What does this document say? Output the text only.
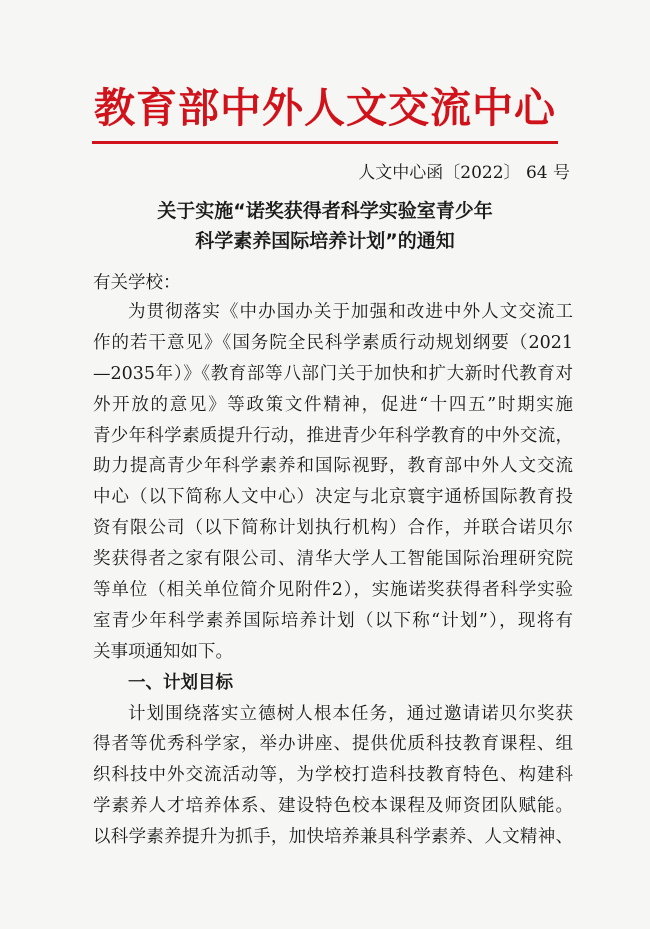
教育部中外人文交流中心
人文中心函〔2022〕 64 号
关于实施“诺奖获得者科学实验室青少年
科学素养国际培养计划”的通知
有关学校：
为贯彻落实《中办国办关于加强和改进中外人文交流工
作的若干意见》《国务院全民科学素质行动规划纲要（2021
—2035年）》《教育部等八部门关于加快和扩大新时代教育对
外开放的意见》等政策文件精神，促进“十四五”时期实施
青少年科学素质提升行动，推进青少年科学教育的中外交流，
助力提高青少年科学素养和国际视野，教育部中外人文交流
中心（以下简称人文中心）决定与北京寰宇通桥国际教育投
资有限公司（以下简称计划执行机构）合作，并联合诺贝尔
奖获得者之家有限公司、清华大学人工智能国际治理研究院
等单位（相关单位简介见附件2），实施诺奖获得者科学实验
室青少年科学素养国际培养计划（以下称“计划”），现将有
关事项通知如下。
一、计划目标
计划围绕落实立德树人根本任务，通过邀请诺贝尔奖获
得者等优秀科学家，举办讲座、提供优质科技教育课程、组
织科技中外交流活动等，为学校打造科技教育特色、构建科
学素养人才培养体系、建设特色校本课程及师资团队赋能。
以科学素养提升为抓手，加快培养兼具科学素养、人文精神、
